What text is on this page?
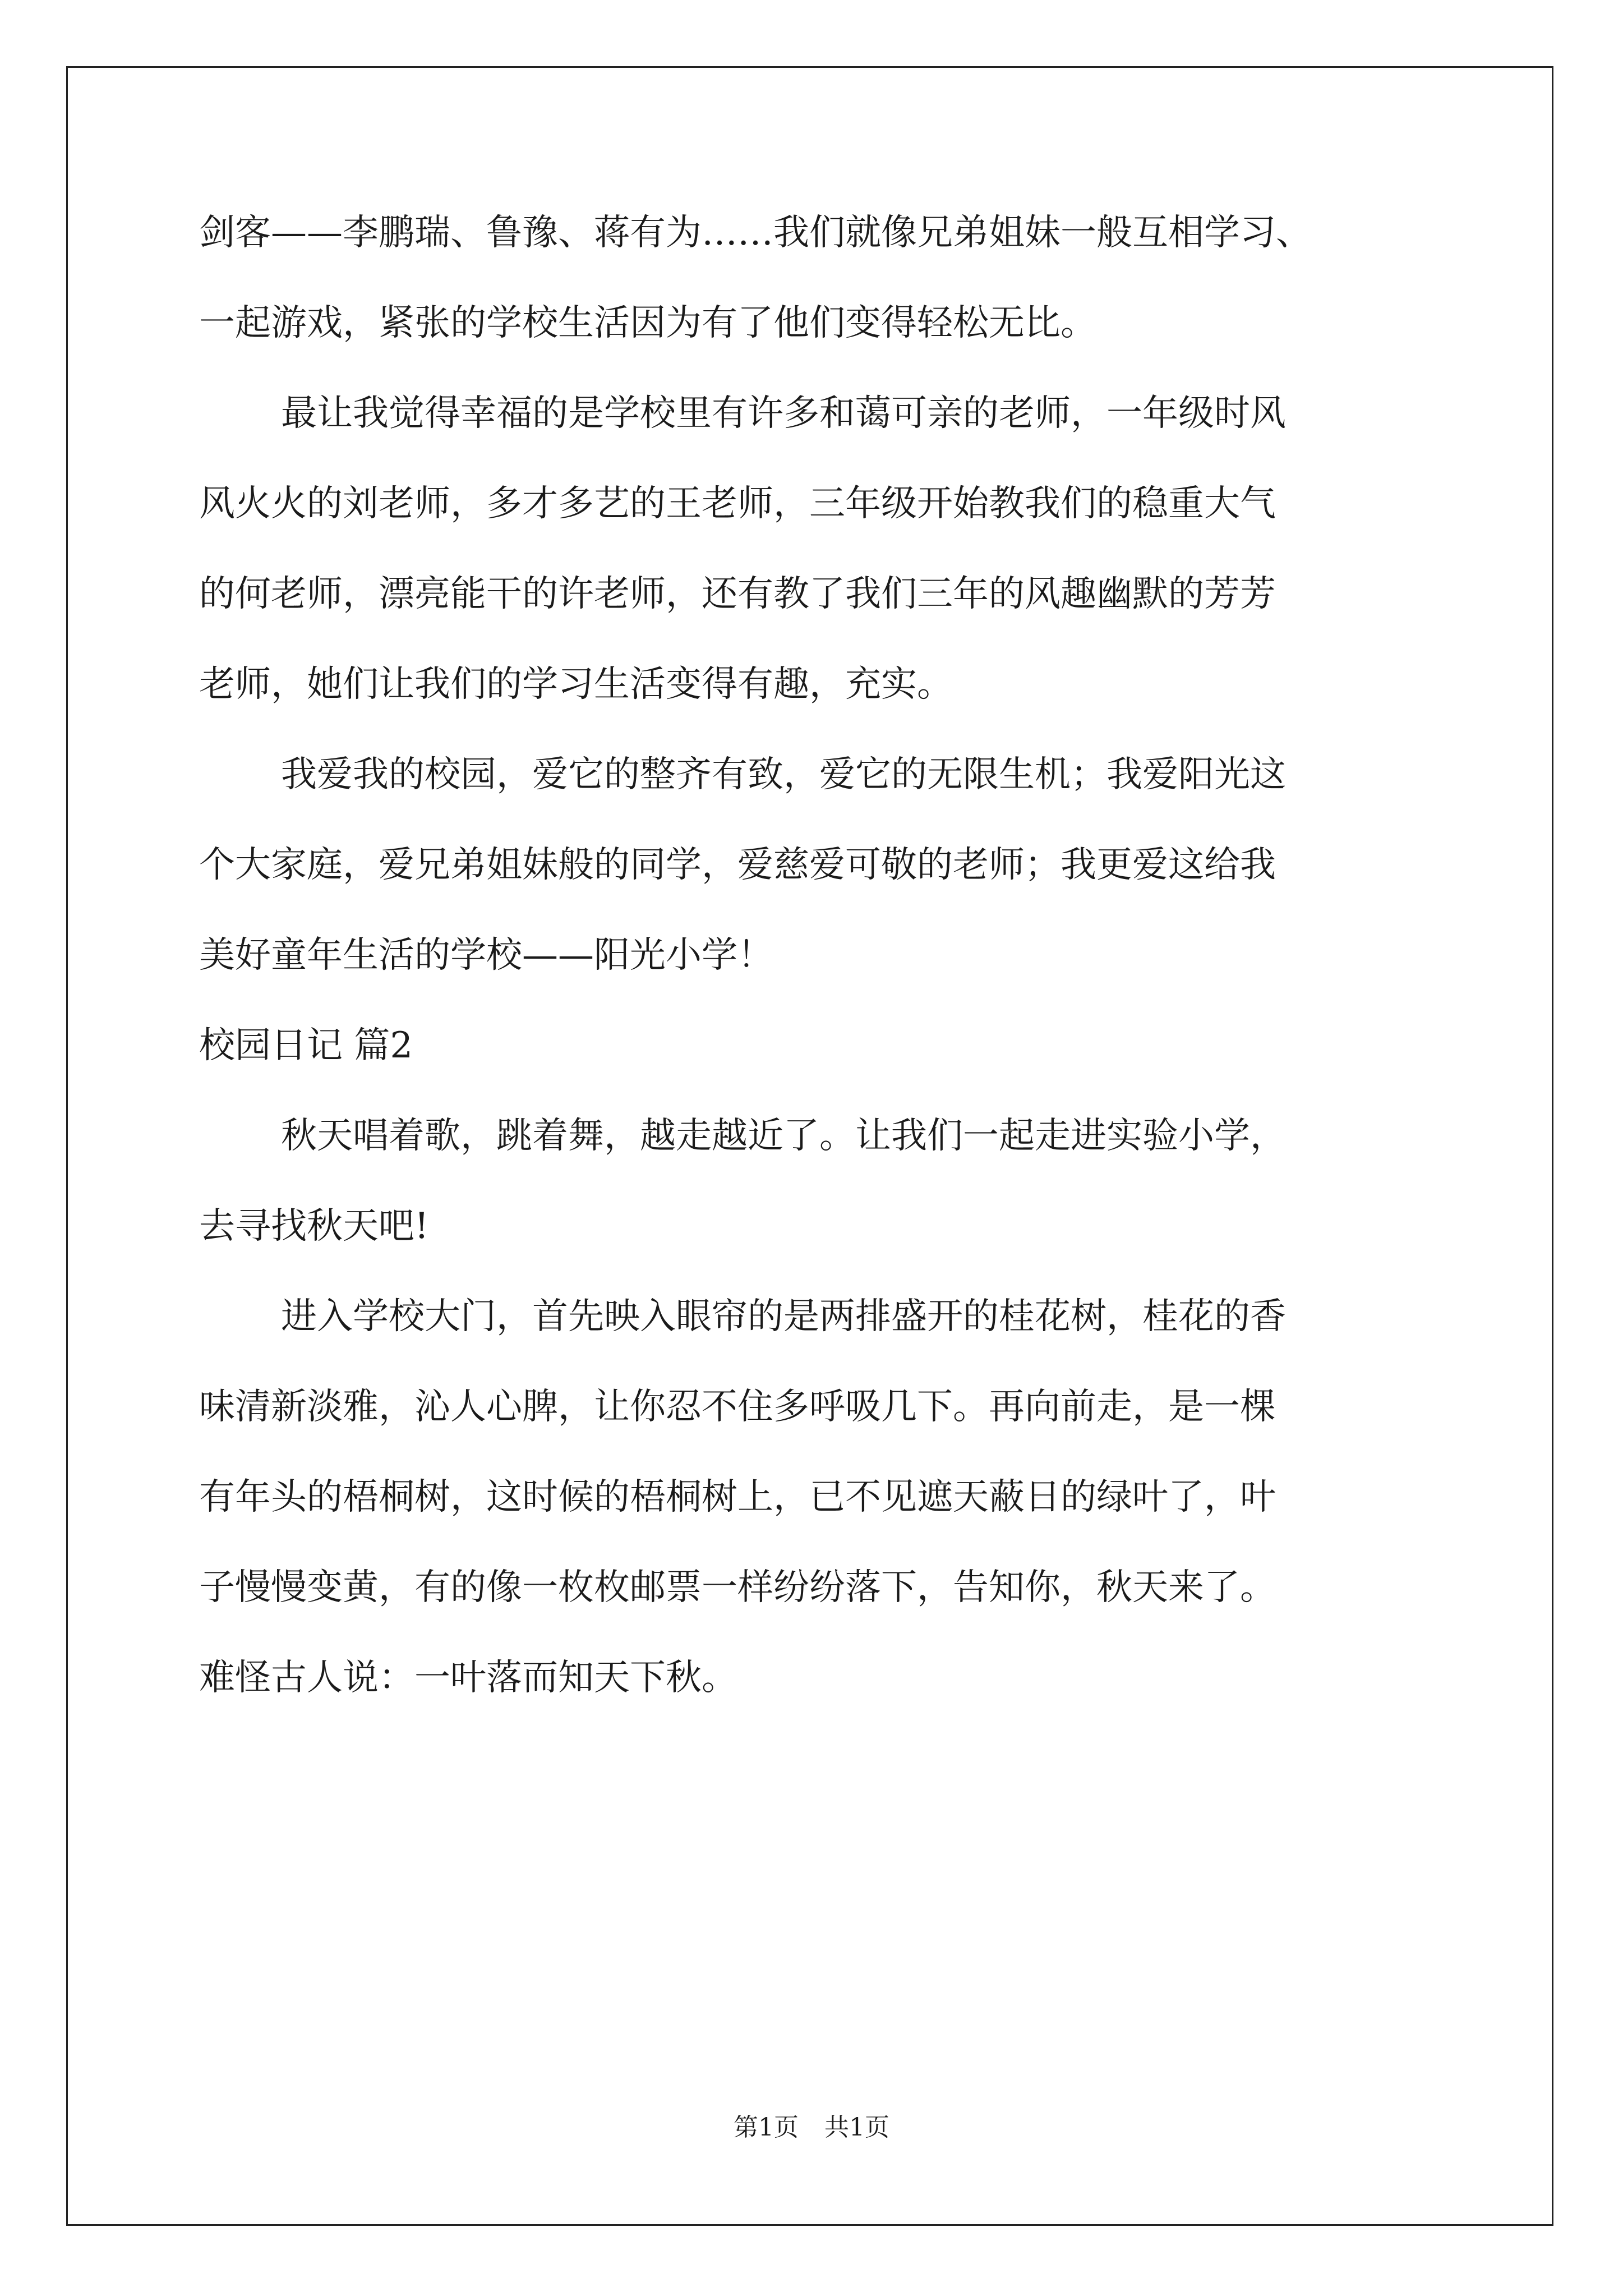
剑客——李鹏瑞、鲁豫、蒋有为……我们就像兄弟姐妹一般互相学习、
一起游戏，紧张的学校生活因为有了他们变得轻松无比。
最让我觉得幸福的是学校里有许多和蔼可亲的老师，一年级时风
风火火的刘老师，多才多艺的王老师，三年级开始教我们的稳重大气
的何老师，漂亮能干的许老师，还有教了我们三年的风趣幽默的芳芳
老师，她们让我们的学习生活变得有趣，充实。
我爱我的校园，爱它的整齐有致，爱它的无限生机；我爱阳光这
个大家庭，爱兄弟姐妹般的同学，爱慈爱可敬的老师；我更爱这给我
美好童年生活的学校——阳光小学！
校园日记 篇2
秋天唱着歌，跳着舞，越走越近了。让我们一起走进实验小学，
去寻找秋天吧!
进入学校大门，首先映入眼帘的是两排盛开的桂花树，桂花的香
味清新淡雅，沁人心脾，让你忍不住多呼吸几下。再向前走，是一棵
有年头的梧桐树，这时候的梧桐树上，已不见遮天蔽日的绿叶了，叶
子慢慢变黄，有的像一枚枚邮票一样纷纷落下，告知你，秋天来了。
难怪古人说：一叶落而知天下秋。
第1页 共1页
